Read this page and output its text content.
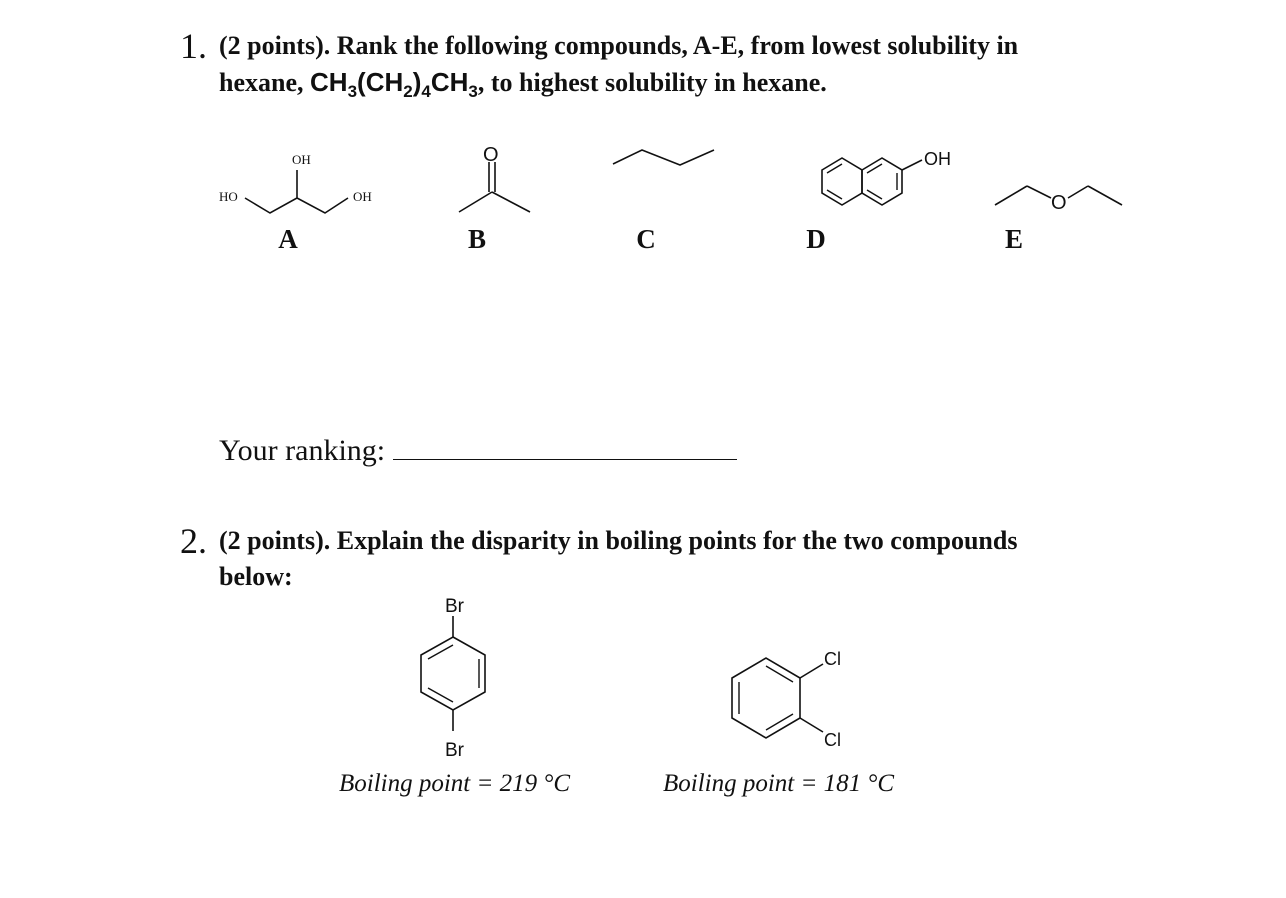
1. (2 points). Rank the following compounds, A-E, from lowest solubility in
hexane, $CH_3(CH_2)_4CH_3$, to highest solubility in hexane.
HO
OH
OH
A
O
B	C
OH
D
O
E
Your ranking:
2. (2 points). Explain the disparity in boiling points for the two compounds
below:
Br
Br
Boiling point = 219 °C
Cl
Cl
Boiling point = 181 °C
